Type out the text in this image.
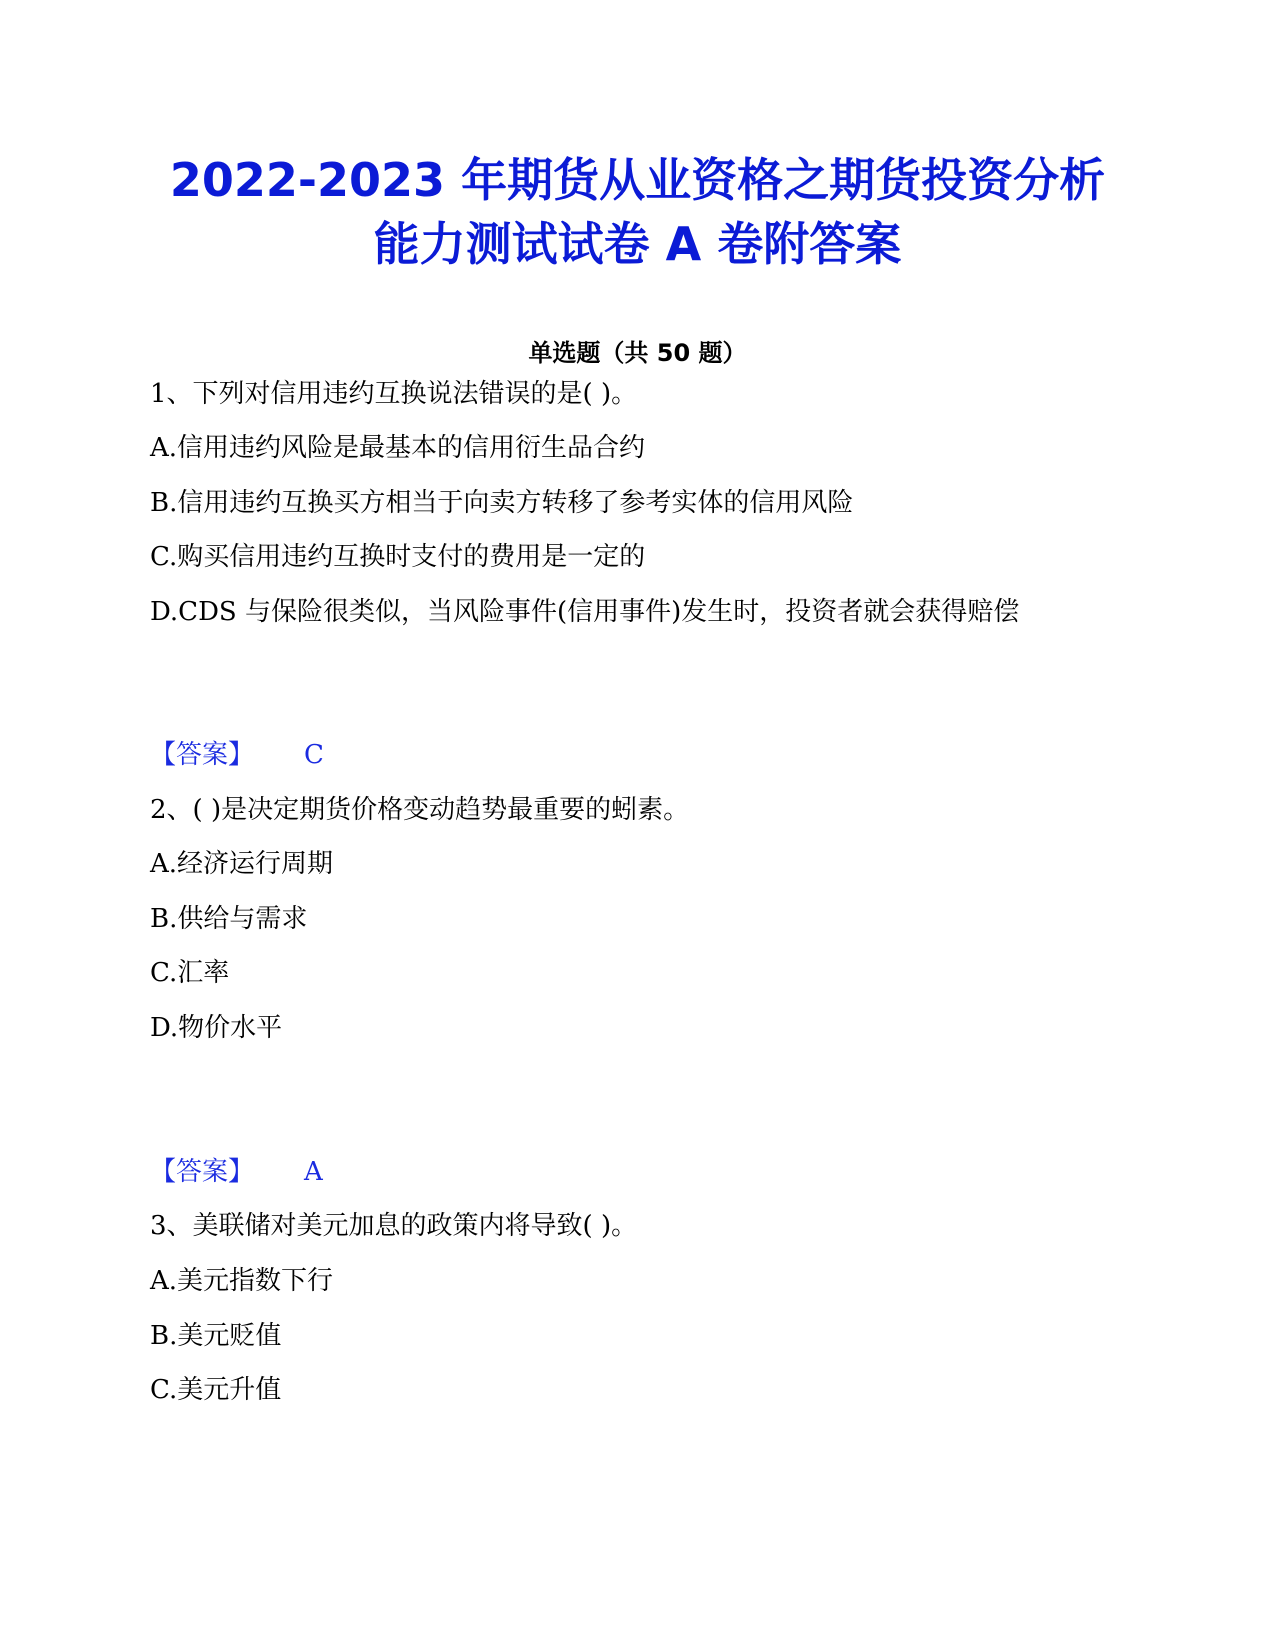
2022-2023 年期货从业资格之期货投资分析
能力测试试卷 A 卷附答案
单选题（共 50 题）
1、下列对信用违约互换说法错误的是( )。
A.信用违约风险是最基本的信用衍生品合约
B.信用违约互换买方相当于向卖方转移了参考实体的信用风险
C.购买信用违约互换时支付的费用是一定的
D.CDS 与保险很类似，当风险事件(信用事件)发生时，投资者就会获得赔偿
【答案】 C
2、( )是决定期货价格变动趋势最重要的蚓素。
A.经济运行周期
B.供给与需求
C.汇率
D.物价水平
【答案】 A
3、美联储对美元加息的政策内将导致( )。
A.美元指数下行
B.美元贬值
C.美元升值
